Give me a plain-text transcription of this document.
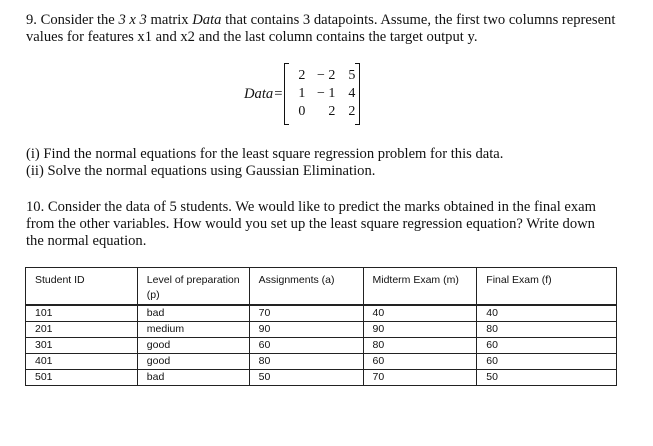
9. Consider the 3 x 3 matrix Data that contains 3 datapoints. Assume, the first two columns represent values for features x1 and x2 and the last column contains the target output y.

Data =
2 − 2 5
1 − 1 4
0	2 2

(i) Find the normal equations for the least square regression problem for this data.

(ii) Solve the normal equations using Gaussian Elimination.

10. Consider the data of 5 students. We would like to predict the marks obtained in the final exam from the other variables. How would you set up the least square regression equation? Write down the normal equation.

Student ID	Level of preparation (p)	Assignments (a)	Midterm Exam (m)	Final Exam (f)
101	bad	70	40	40
201	medium	90	90	80
301	good	60	80	60
401	good	80	60	60
501	bad	50	70	50
